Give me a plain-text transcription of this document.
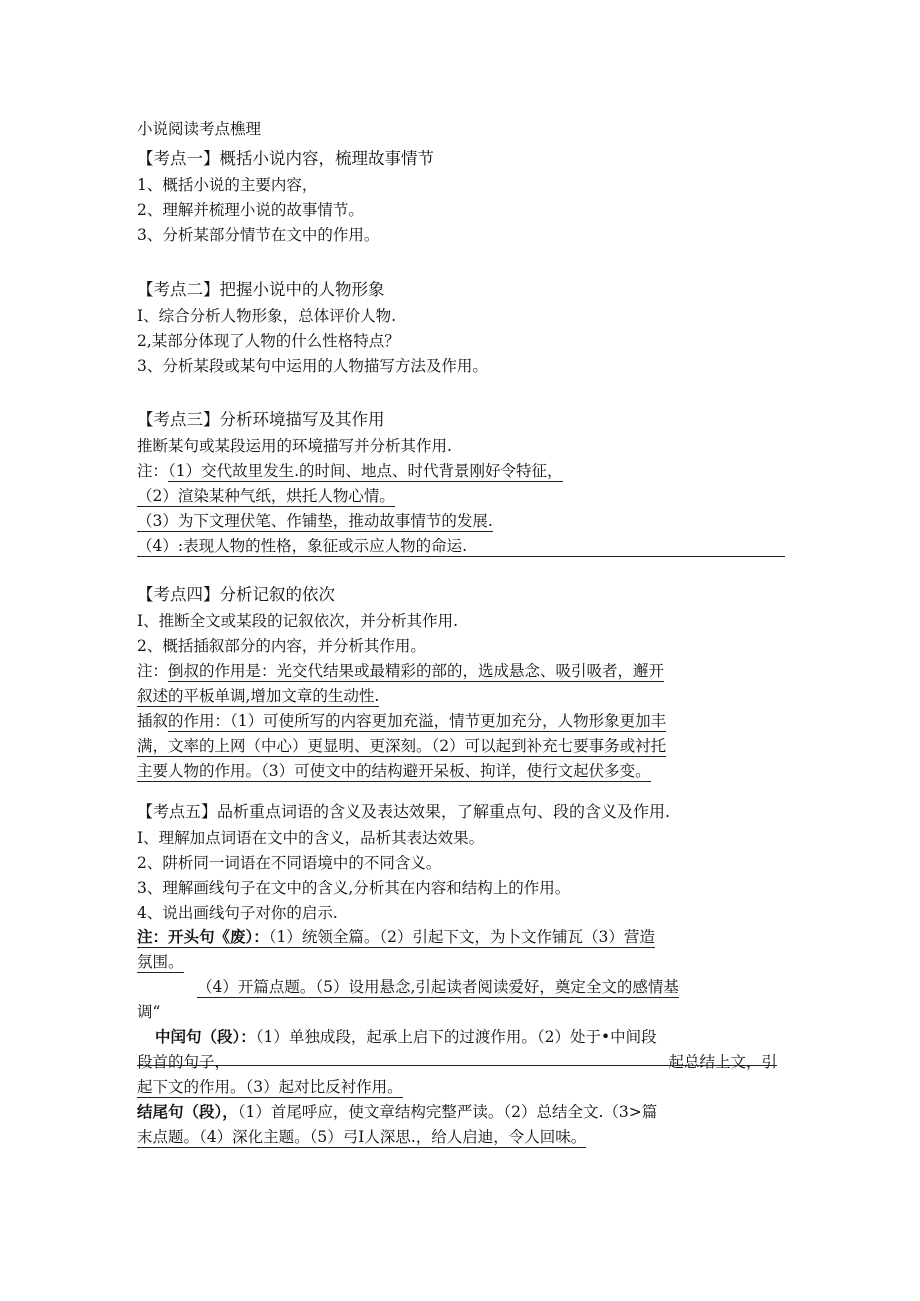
小说阅读考点樵理
【考点一】概括小说内容，梳理故事情节
1、概括小说的主要内容，
2、理解并梳理小说的故事情节。
3、分析某部分情节在文中的作用。
【考点二】把握小说中的人物形象
I、综合分析人物形象，总体评价人物.
2,某部分体现了人物的什么性格特点？
3、分析某段或某句中运用的人物描写方法及作用。
【考点三】分析环境描写及其作用
推断某句或某段运用的环境描写并分析其作用.
注：（1）交代故里发生.的时间、地点、时代背景刚好令特征，
（2）渲染某种气纸，烘托人物心情。
（3）为下文理伏笔、作铺垫，推动故事情节的发展.
（4）:表现人物的性格，象征或示应人物的命运.
【考点四】分析记叙的依次
I、推断全文或某段的记叙依次，并分析其作用.
2、概括插叙部分的内容，并分析其作用。
注：倒叔的作用是：光交代结果或最精彩的部的，选成悬念、吸引吸者，邂开
叙述的平板单调,增加文章的生动性.
插叙的作用：（1）可使所写的内容更加充溢，情节更加充分，人物形象更加丰
满，文率的上网（中心）更显明、更深刻。（2）可以起到补充七要事务或衬托
主要人物的作用。（3）可使文中的结构避开呆板、拘详，使行文起伏多变。
【考点五】品析重点词语的含义及表达效果，了解重点句、段的含义及作用.
I、理解加点词语在文中的含义，品析其表达效果。
2、阱析同一词语在不同语境中的不同含义。
3、理解画线句子在文中的含义,分析其在内容和结构上的作用。
4、说出画线句子对你的启示.
注：开头句《废）：（1）统领全篇。（2）引起下文，为卜文作铺瓦（3）营造
氛围。
（4）开篇点题。（5）设用悬念,引起读者阅读爱好，奠定全文的感情基
调“
中闰句（段）：（1）单独成段，起承上启下的过渡作用。（2）处于•中间段
段首的句子，	起总结上文，引
起下文的作用。（3）起对比反衬作用。
结尾句（段），（1）首尾呼应，使文章结构完整严读。（2）总结全文.（3>篇
末点题。（4）深化主题。（5）弓I人深思.，给人启迪，令人回味。
